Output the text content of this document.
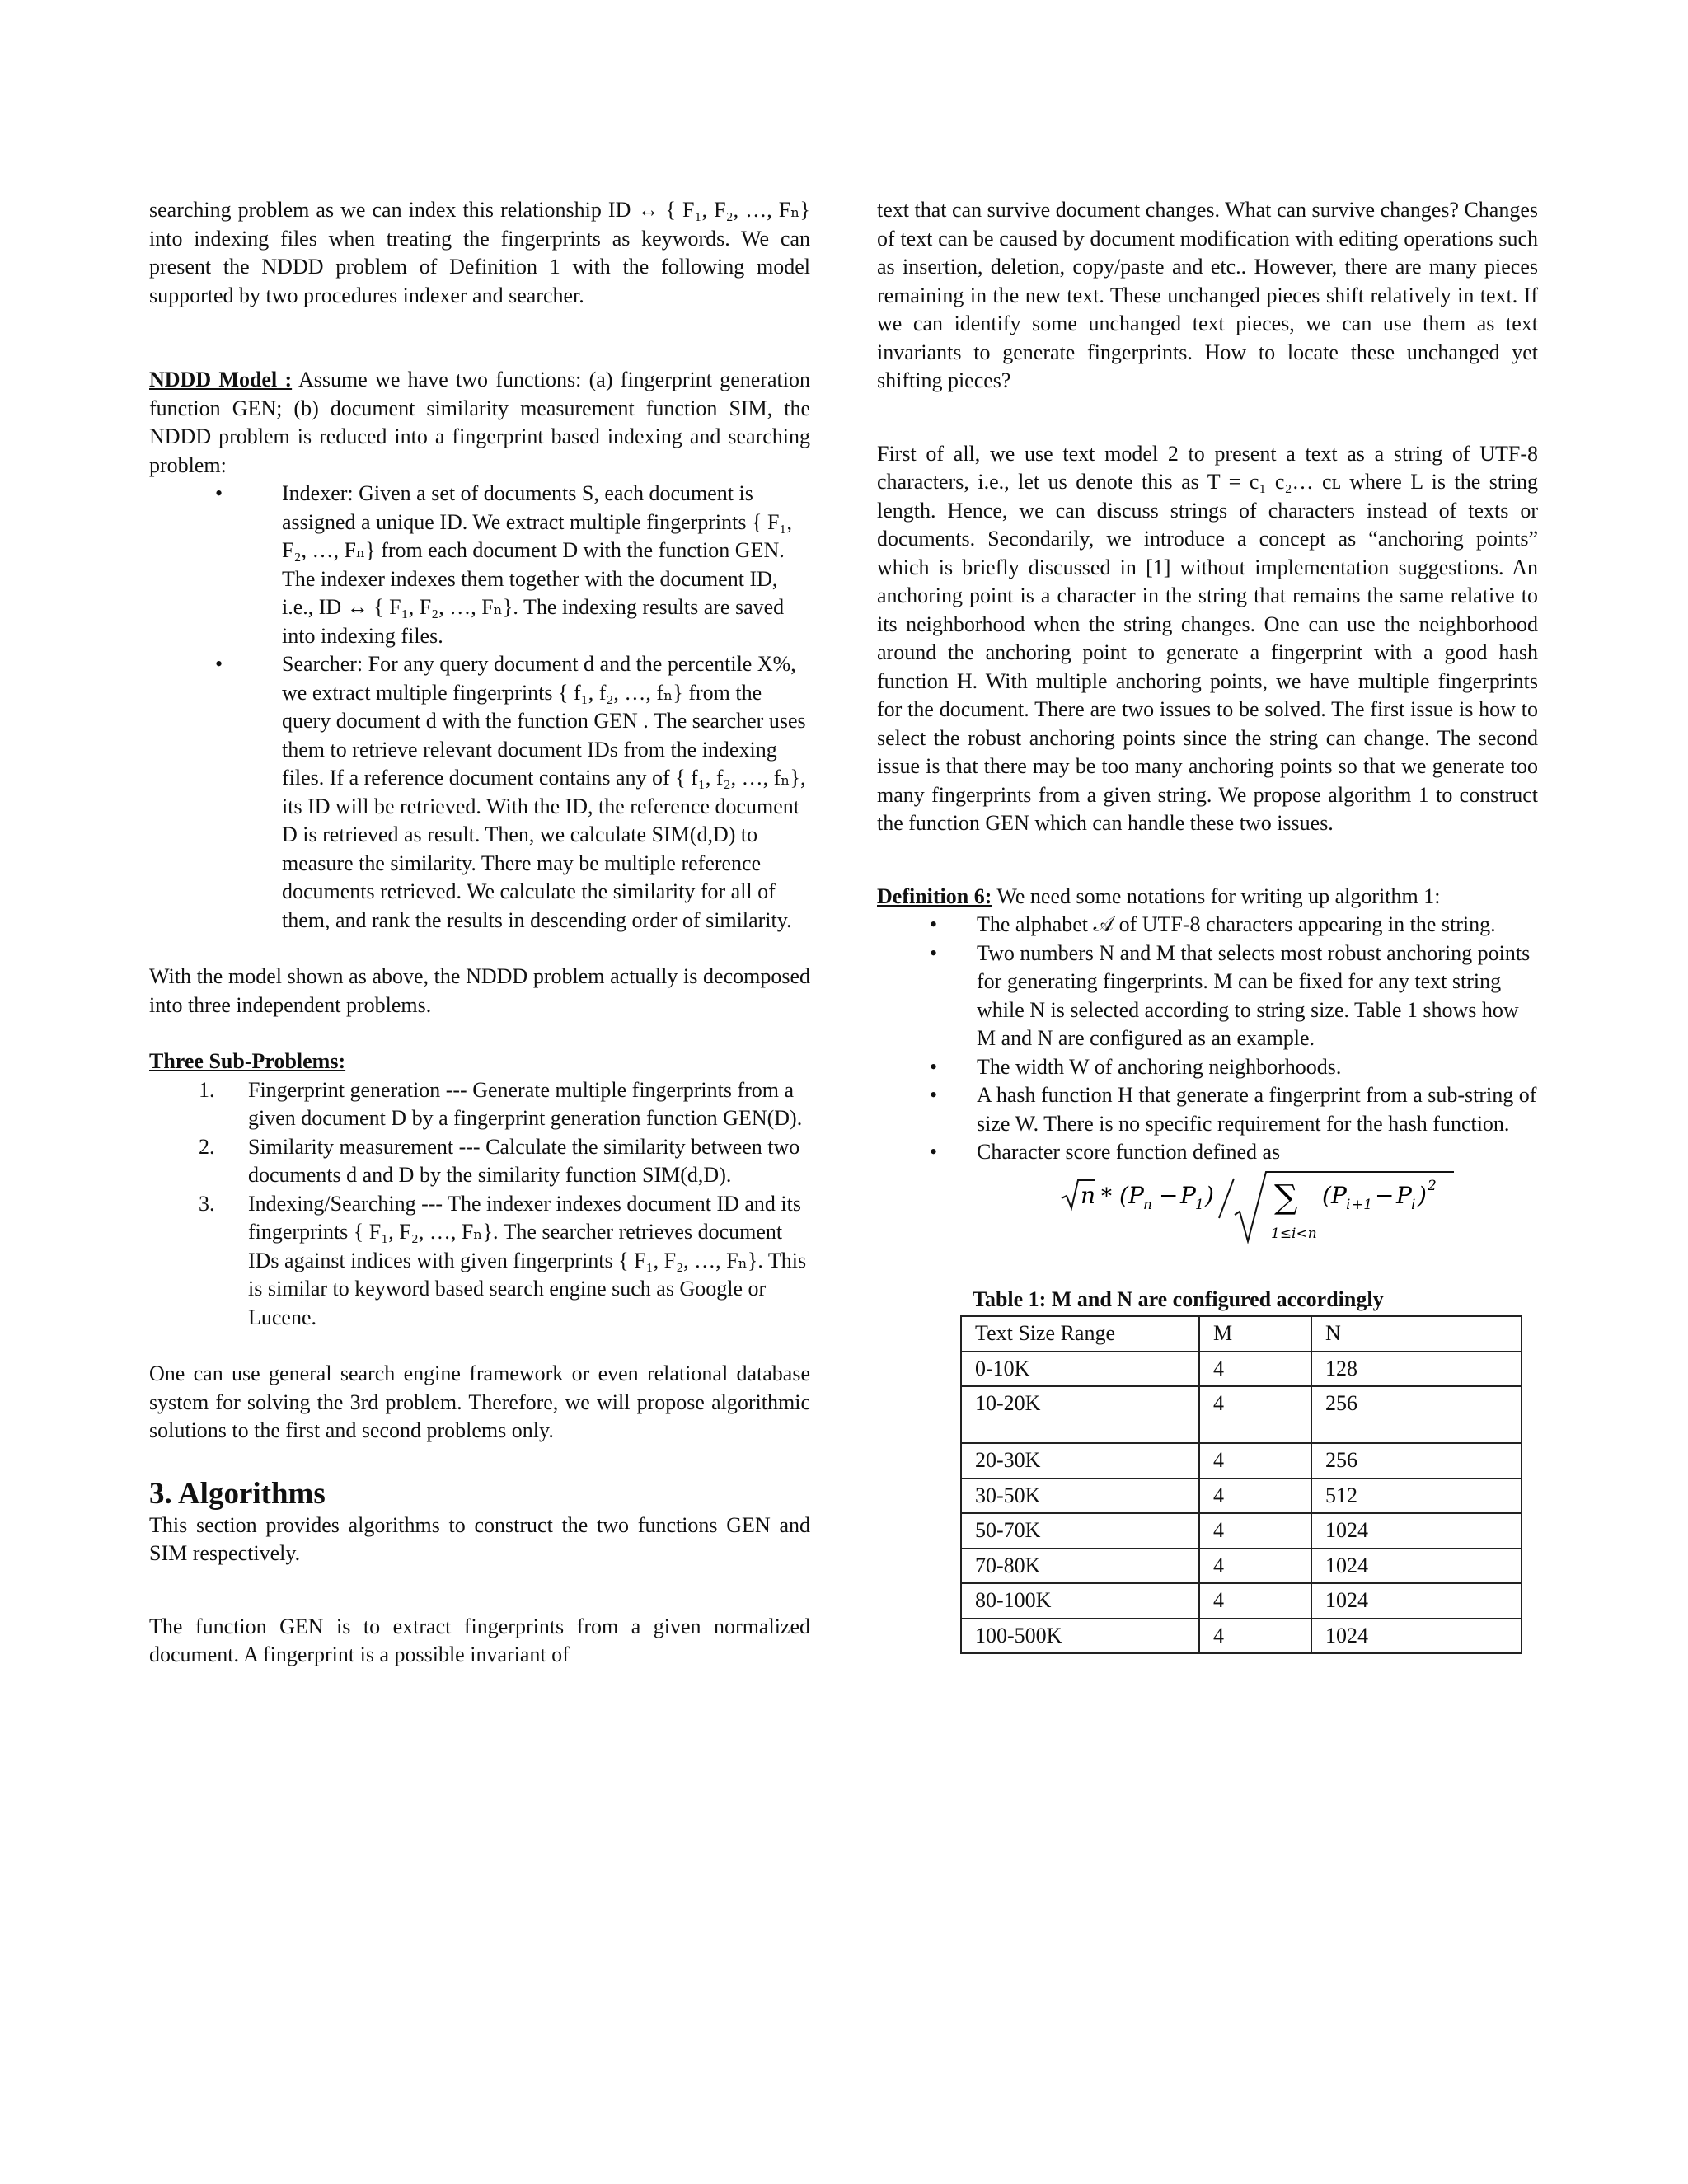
searching problem as we can index this relationship ID ↔ { F₁, F₂, …, Fₙ} into indexing files when treating the fingerprints as keywords. We can present the NDDD problem of Definition 1 with the following model supported by two procedures indexer and searcher.

NDDD Model : Assume we have two functions: (a) fingerprint generation function GEN; (b) document similarity measurement function SIM, the NDDD problem is reduced into a fingerprint based indexing and searching problem:

• Indexer: Given a set of documents S, each document is assigned a unique ID. We extract multiple fingerprints { F₁, F₂, …, Fₙ} from each document D with the function GEN. The indexer indexes them together with the document ID, i.e., ID ↔ { F₁, F₂, …, Fₙ}. The indexing results are saved into indexing files.
• Searcher: For any query document d and the percentile X%, we extract multiple fingerprints { f₁, f₂, …, fₙ} from the query document d with the function GEN . The searcher uses them to retrieve relevant document IDs from the indexing files. If a reference document contains any of { f₁, f₂, …, fₙ}, its ID will be retrieved. With the ID, the reference document D is retrieved as result. Then, we calculate SIM(d,D) to measure the similarity. There may be multiple reference documents retrieved. We calculate the similarity for all of them, and rank the results in descending order of similarity.

With the model shown as above, the NDDD problem actually is decomposed into three independent problems.

Three Sub-Problems:

1. Fingerprint generation --- Generate multiple fingerprints from a given document D by a fingerprint generation function GEN(D).
2. Similarity measurement --- Calculate the similarity between two documents d and D by the similarity function SIM(d,D).
3. Indexing/Searching --- The indexer indexes document ID and its fingerprints { F₁, F₂, …, Fₙ}. The searcher retrieves document IDs against indices with given fingerprints { F₁, F₂, …, Fₙ}. This is similar to keyword based search engine such as Google or Lucene.

One can use general search engine framework or even relational database system for solving the 3rd problem. Therefore, we will propose algorithmic solutions to the first and second problems only.

3. Algorithms

This section provides algorithms to construct the two functions GEN and SIM respectively.

The function GEN is to extract fingerprints from a given normalized document. A fingerprint is a possible invariant of

text that can survive document changes. What can survive changes? Changes of text can be caused by document modification with editing operations such as insertion, deletion, copy/paste and etc.. However, there are many pieces remaining in the new text. These unchanged pieces shift relatively in text. If we can identify some unchanged text pieces, we can use them as text invariants to generate fingerprints. How to locate these unchanged yet shifting pieces?

First of all, we use text model 2 to present a text as a string of UTF-8 characters, i.e., let us denote this as T = c₁ c₂… cʟ where L is the string length. Hence, we can discuss strings of characters instead of texts or documents. Secondarily, we introduce a concept as “anchoring points” which is briefly discussed in [1] without implementation suggestions. An anchoring point is a character in the string that remains the same relative to its neighborhood when the string changes. One can use the neighborhood around the anchoring point to generate a fingerprint with a good hash function H. With multiple anchoring points, we have multiple fingerprints for the document. There are two issues to be solved. The first issue is how to select the robust anchoring points since the string can change. The second issue is that there may be too many anchoring points so that we generate too many fingerprints from a given string. We propose algorithm 1 to construct the function GEN which can handle these two issues.

Definition 6: We need some notations for writing up algorithm 1:

• The alphabet 𝒜 of UTF-8 characters appearing in the string.
• Two numbers N and M that selects most robust anchoring points for generating fingerprints. M can be fixed for any text string while N is selected according to string size. Table 1 shows how M and N are configured as an example.
• The width W of anchoring neighborhoods.
• A hash function H that generate a fingerprint from a sub-string of size W. There is no specific requirement for the hash function.
• Character score function defined as
n * ( P n − P 1 ) ∑
1≤i<n
( P i +1 − P i ) 2

Table 1: M and N are configured accordingly

Text Size Range	M	N
0-10K	4	128
10-20K	4	256
20-30K	4	256
30-50K	4	512
50-70K	4	1024
70-80K	4	1024
80-100K	4	1024
100-500K	4	1024
